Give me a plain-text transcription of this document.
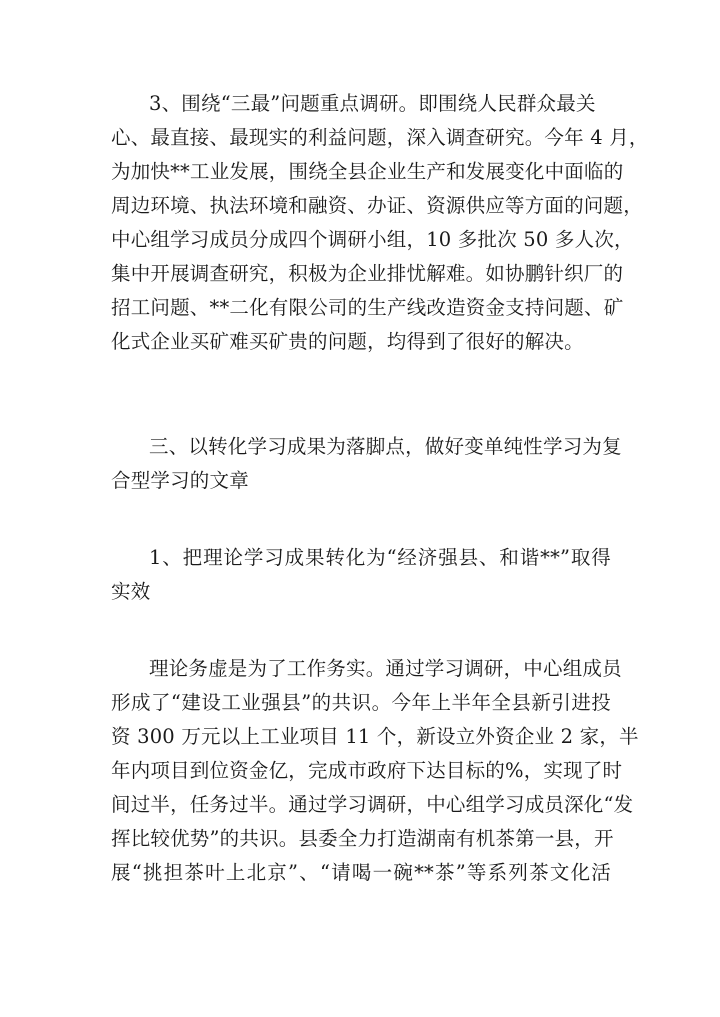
3、围绕“三最”问题重点调研。即围绕人民群众最关
心、最直接、最现实的利益问题，深入调查研究。今年 4 月，
为加快**工业发展，围绕全县企业生产和发展变化中面临的
周边环境、执法环境和融资、办证、资源供应等方面的问题，
中心组学习成员分成四个调研小组，10 多批次 50 多人次，
集中开展调查研究，积极为企业排忧解难。如协鹏针织厂的
招工问题、**二化有限公司的生产线改造资金支持问题、矿
化式企业买矿难买矿贵的问题，均得到了很好的解决。
三、以转化学习成果为落脚点，做好变单纯性学习为复
合型学习的文章
1、把理论学习成果转化为“经济强县、和谐**”取得
实效
理论务虚是为了工作务实。通过学习调研，中心组成员
形成了“建设工业强县”的共识。今年上半年全县新引进投
资 300 万元以上工业项目 11 个，新设立外资企业 2 家，半
年内项目到位资金亿，完成市政府下达目标的%，实现了时
间过半，任务过半。通过学习调研，中心组学习成员深化“发
挥比较优势”的共识。县委全力打造湖南有机茶第一县，开
展“挑担茶叶上北京”、“请喝一碗**茶”等系列茶文化活
